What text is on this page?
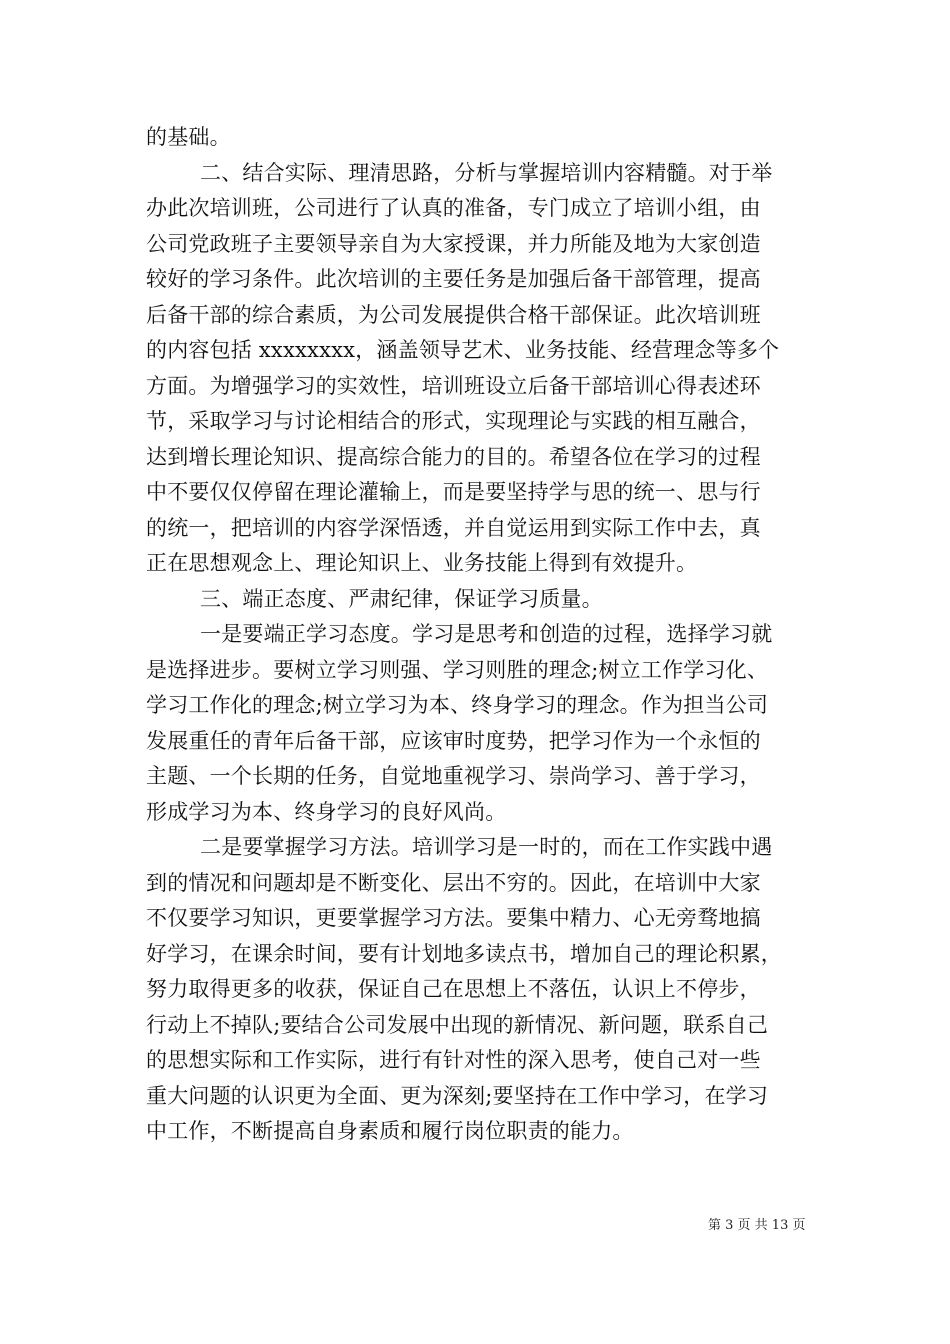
的基础。
二、结合实际、理清思路，分析与掌握培训内容精髓。对于举
办此次培训班，公司进行了认真的准备，专门成立了培训小组，由
公司党政班子主要领导亲自为大家授课，并力所能及地为大家创造
较好的学习条件。此次培训的主要任务是加强后备干部管理，提高
后备干部的综合素质，为公司发展提供合格干部保证。此次培训班
的内容包括 xxxxxxxx，涵盖领导艺术、业务技能、经营理念等多个
方面。为增强学习的实效性，培训班设立后备干部培训心得表述环
节，采取学习与讨论相结合的形式，实现理论与实践的相互融合，
达到增长理论知识、提高综合能力的目的。希望各位在学习的过程
中不要仅仅停留在理论灌输上，而是要坚持学与思的统一、思与行
的统一，把培训的内容学深悟透，并自觉运用到实际工作中去，真
正在思想观念上、理论知识上、业务技能上得到有效提升。
三、端正态度、严肃纪律，保证学习质量。
一是要端正学习态度。学习是思考和创造的过程，选择学习就
是选择进步。要树立学习则强、学习则胜的理念;树立工作学习化、
学习工作化的理念;树立学习为本、终身学习的理念。作为担当公司
发展重任的青年后备干部，应该审时度势，把学习作为一个永恒的
主题、一个长期的任务，自觉地重视学习、崇尚学习、善于学习，
形成学习为本、终身学习的良好风尚。
二是要掌握学习方法。培训学习是一时的，而在工作实践中遇
到的情况和问题却是不断变化、层出不穷的。因此，在培训中大家
不仅要学习知识，更要掌握学习方法。要集中精力、心无旁骛地搞
好学习，在课余时间，要有计划地多读点书，增加自己的理论积累，
努力取得更多的收获，保证自己在思想上不落伍，认识上不停步，
行动上不掉队;要结合公司发展中出现的新情况、新问题，联系自己
的思想实际和工作实际，进行有针对性的深入思考，使自己对一些
重大问题的认识更为全面、更为深刻;要坚持在工作中学习，在学习
中工作，不断提高自身素质和履行岗位职责的能力。
第 3 页 共 13 页
